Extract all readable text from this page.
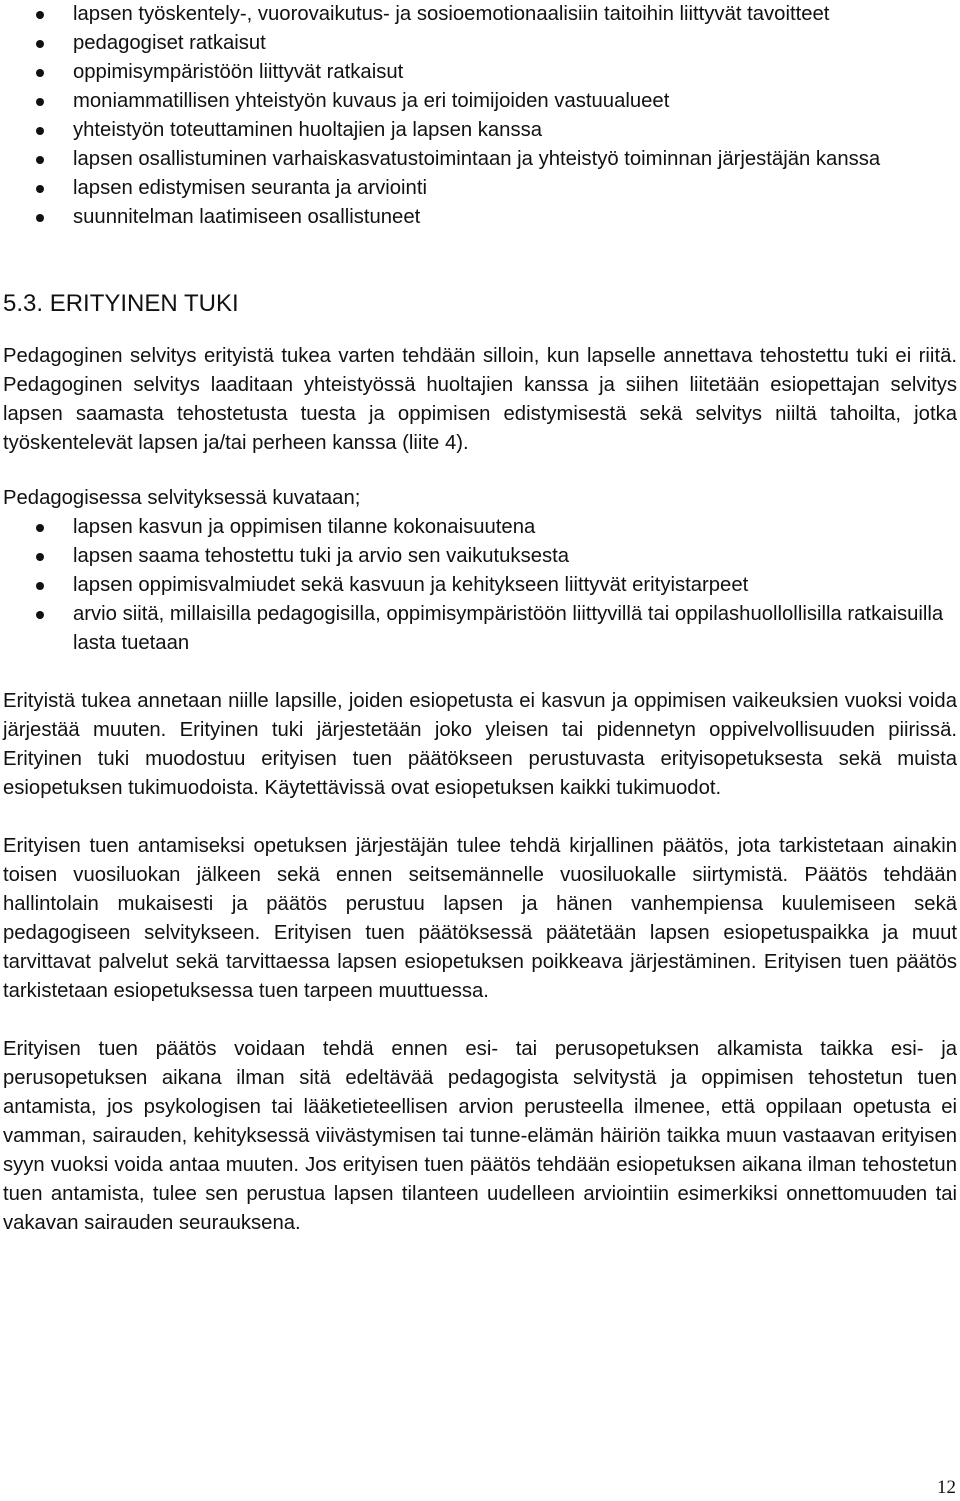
lapsen työskentely-, vuorovaikutus- ja sosioemotionaalisiin taitoihin liittyvät tavoitteet
pedagogiset ratkaisut
oppimisympäristöön liittyvät ratkaisut
moniammatillisen yhteistyön kuvaus ja eri toimijoiden vastuualueet
yhteistyön toteuttaminen huoltajien ja lapsen kanssa
lapsen osallistuminen varhaiskasvatustoimintaan ja yhteistyö toiminnan järjestäjän kanssa
lapsen edistymisen seuranta ja arviointi
suunnitelman laatimiseen osallistuneet
5.3. ERITYINEN TUKI

Pedagoginen selvitys erityistä tukea varten tehdään silloin, kun lapselle annettava tehostettu tuki ei riitä. Pedagoginen selvitys laaditaan yhteistyössä huoltajien kanssa ja siihen liitetään esiopettajan selvitys lapsen saamasta tehostetusta tuesta ja oppimisen edistymisestä sekä selvitys niiltä tahoilta, jotka työskentelevät lapsen ja/tai perheen kanssa (liite 4).

Pedagogisessa selvityksessä kuvataan;

lapsen kasvun ja oppimisen tilanne kokonaisuutena
lapsen saama tehostettu tuki ja arvio sen vaikutuksesta
lapsen oppimisvalmiudet sekä kasvuun ja kehitykseen liittyvät erityistarpeet
arvio siitä, millaisilla pedagogisilla, oppimisympäristöön liittyvillä tai oppilashuollollisilla ratkaisuilla lasta tuetaan

Erityistä tukea annetaan niille lapsille, joiden esiopetusta ei kasvun ja oppimisen vaikeuksien vuoksi voida järjestää muuten. Erityinen tuki järjestetään joko yleisen tai pidennetyn oppivelvollisuuden piirissä. Erityinen tuki muodostuu erityisen tuen päätökseen perustuvasta erityisopetuksesta sekä muista esiopetuksen tukimuodoista. Käytettävissä ovat esiopetuksen kaikki tukimuodot.

Erityisen tuen antamiseksi opetuksen järjestäjän tulee tehdä kirjallinen päätös, jota tarkistetaan ainakin toisen vuosiluokan jälkeen sekä ennen seitsemännelle vuosiluokalle siirtymistä. Päätös tehdään hallintolain mukaisesti ja päätös perustuu lapsen ja hänen vanhempiensa kuulemiseen sekä pedagogiseen selvitykseen. Erityisen tuen päätöksessä päätetään lapsen esiopetuspaikka ja muut tarvittavat palvelut sekä tarvittaessa lapsen esiopetuksen poikkeava järjestäminen. Erityisen tuen päätös tarkistetaan esiopetuksessa tuen tarpeen muuttuessa.

Erityisen tuen päätös voidaan tehdä ennen esi- tai perusopetuksen alkamista taikka esi- ja perusopetuksen aikana ilman sitä edeltävää pedagogista selvitystä ja oppimisen tehostetun tuen antamista, jos psykologisen tai lääketieteellisen arvion perusteella ilmenee, että oppilaan opetusta ei vamman, sairauden, kehityksessä viivästymisen tai tunne-elämän häiriön taikka muun vastaavan erityisen syyn vuoksi voida antaa muuten. Jos erityisen tuen päätös tehdään esiopetuksen aikana ilman tehostetun tuen antamista, tulee sen perustua lapsen tilanteen uudelleen arviointiin esimerkiksi onnettomuuden tai vakavan sairauden seurauksena.

12
